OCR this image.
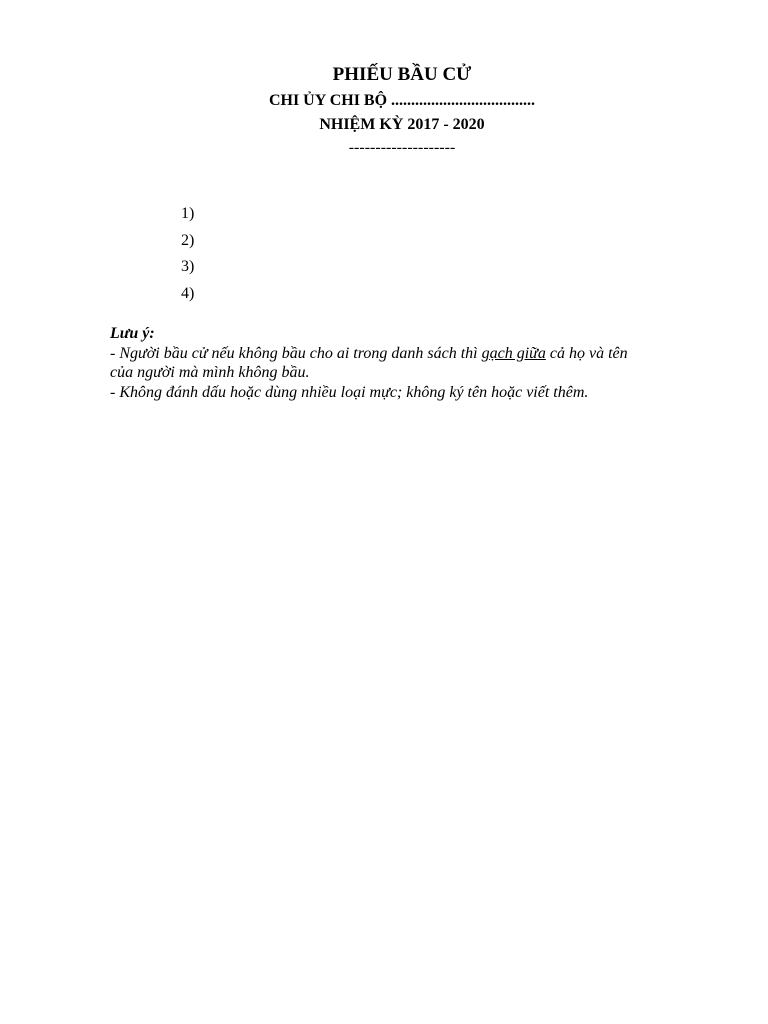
PHIẾU BẦU CỬ
CHI ỦY CHI BỘ ....................................
NHIỆM KỲ 2017 - 2020
--------------------
1)
2)
3)
4)
Lưu ý:
- Người bầu cử nếu không bầu cho ai trong danh sách thì gạch giữa cả họ và tên
của người mà mình không bầu.
- Không đánh dấu hoặc dùng nhiều loại mực; không ký tên hoặc viết thêm.
